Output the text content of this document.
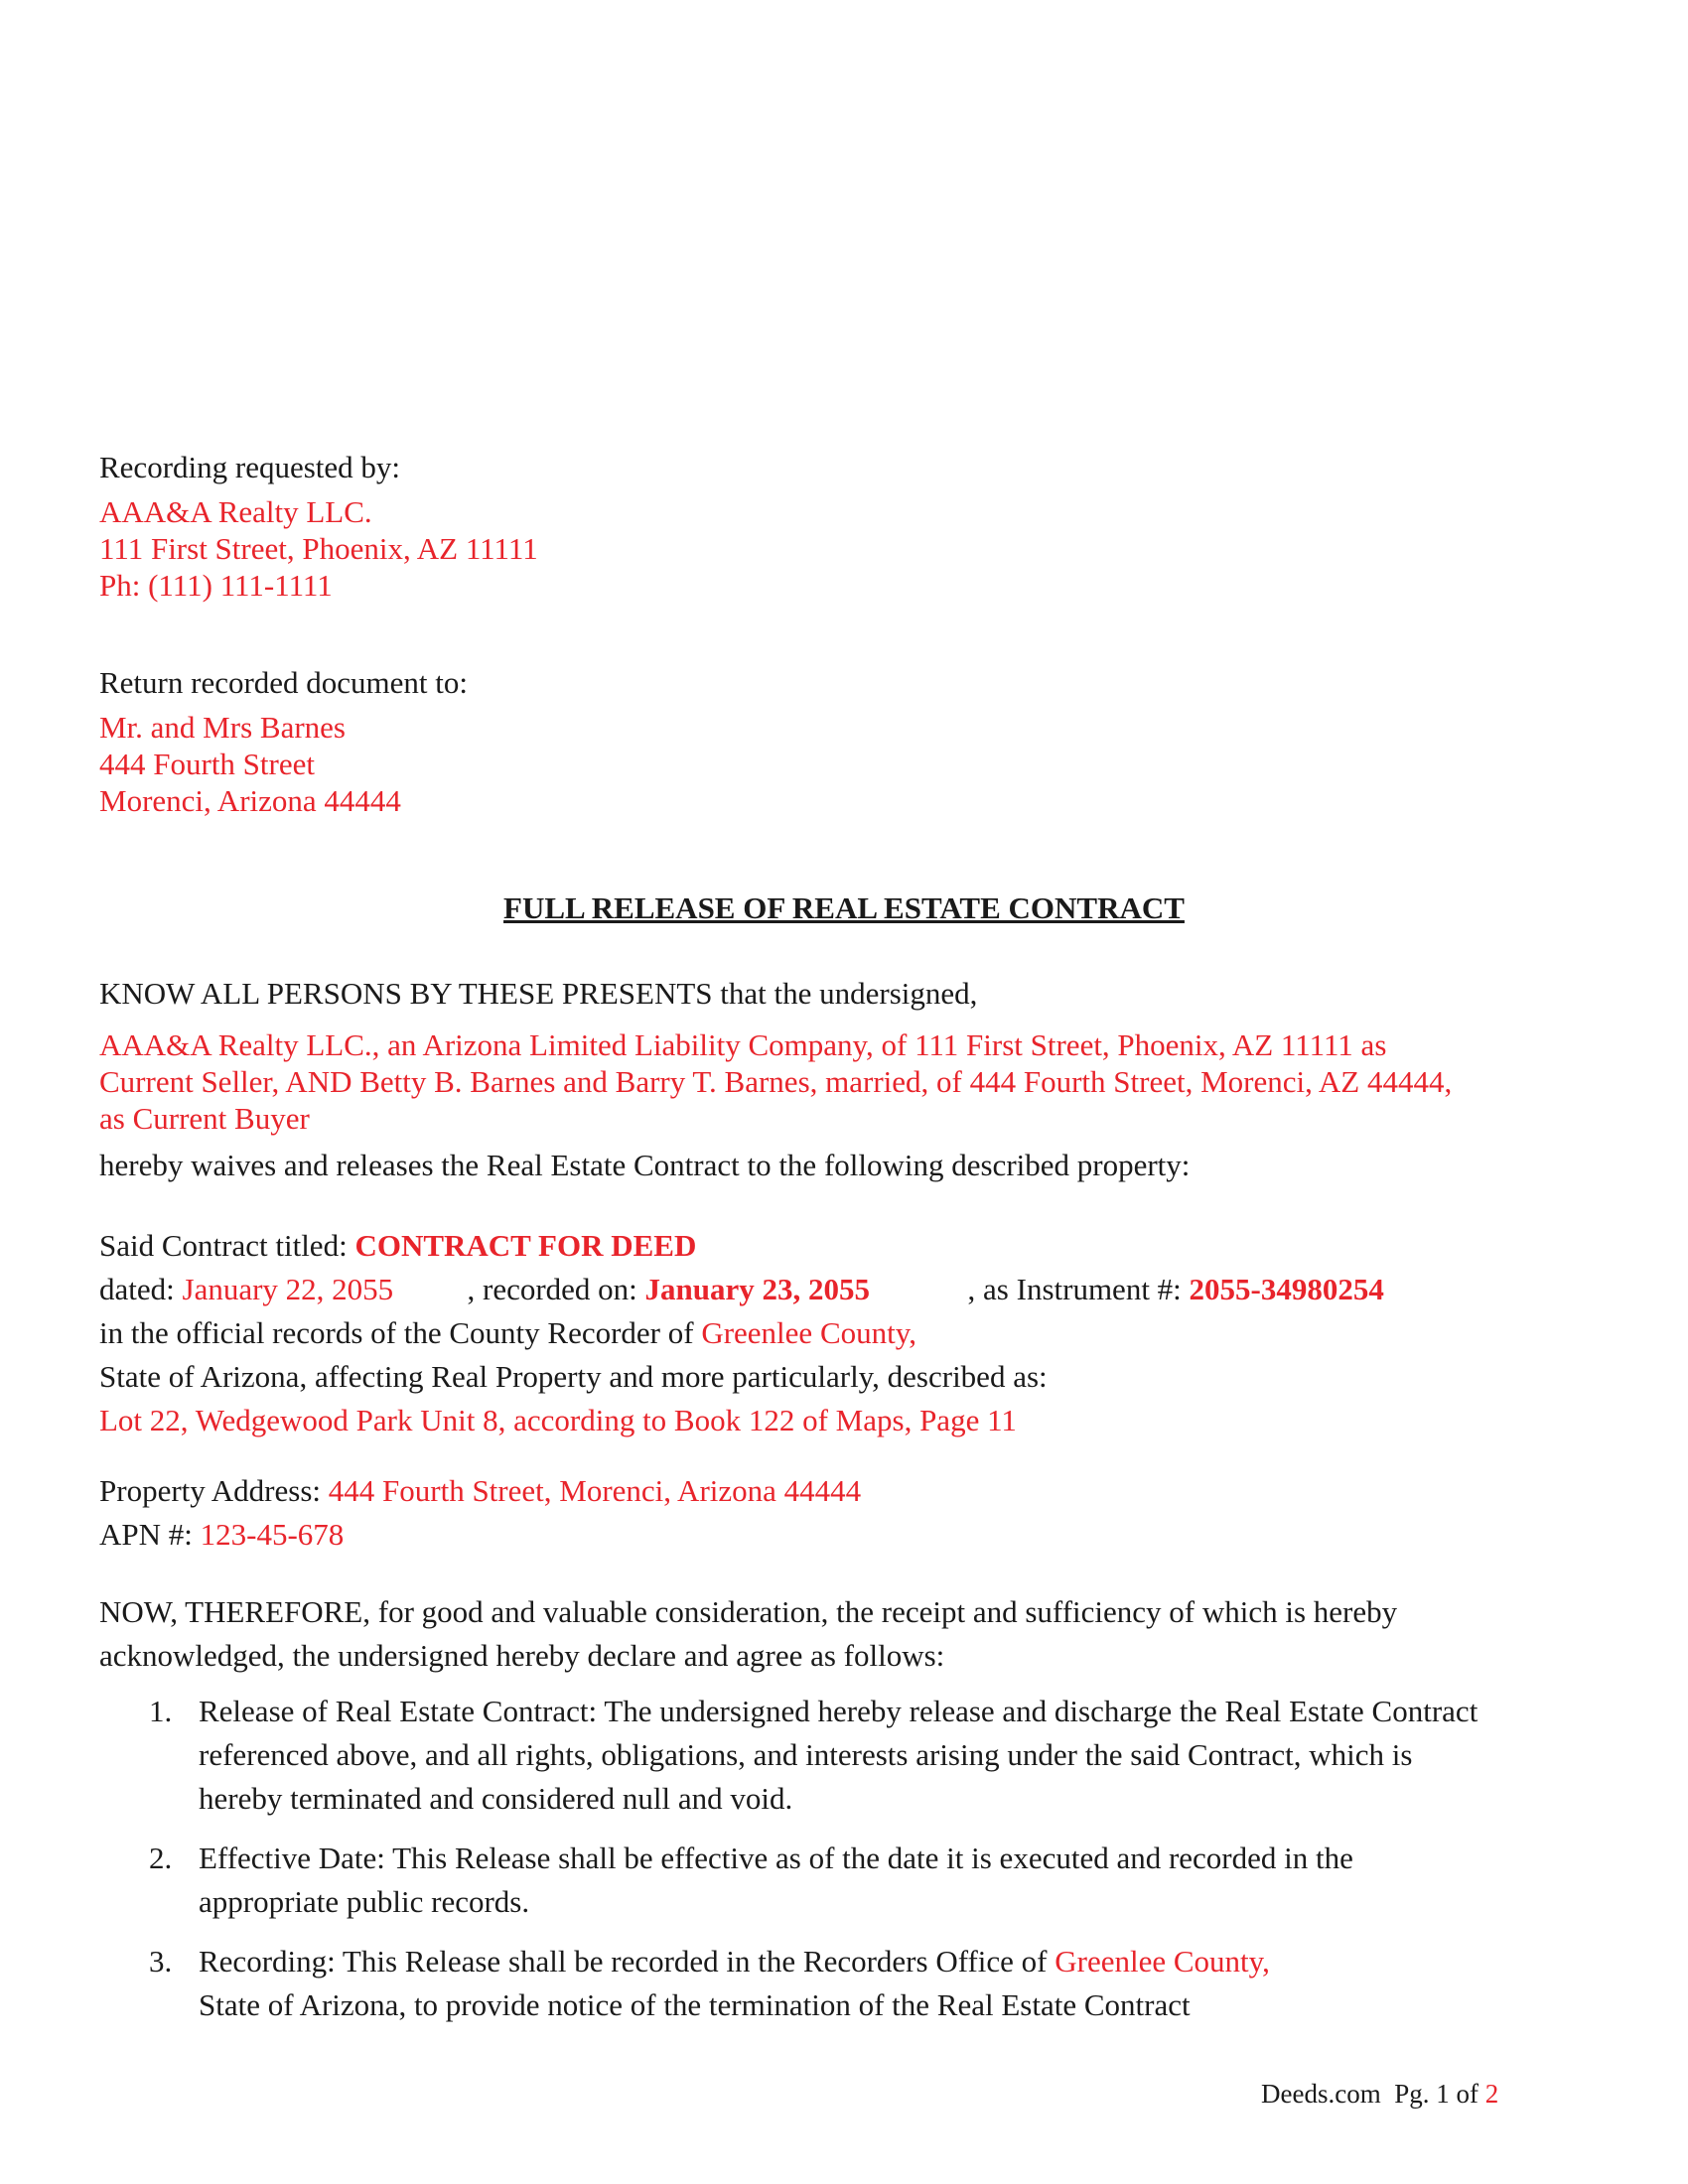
Recording requested by:
AAA&A Realty LLC.
111 First Street, Phoenix, AZ 11111
Ph: (111) 111-1111
Return recorded document to:
Mr. and Mrs Barnes
444 Fourth Street
Morenci, Arizona 44444
FULL RELEASE OF REAL ESTATE CONTRACT
KNOW ALL PERSONS BY THESE PRESENTS that the undersigned,
AAA&A Realty LLC., an Arizona Limited Liability Company, of 111 First Street, Phoenix, AZ 11111 as
Current Seller, AND Betty B. Barnes and Barry T. Barnes, married, of 444 Fourth Street, Morenci, AZ 44444,
as Current Buyer
hereby waives and releases the Real Estate Contract to the following described property:
Said Contract titled: CONTRACT FOR DEED
dated: January 22, 2055 , recorded on: January 23, 2055	, as Instrument #: 2055-34980254
in the official records of the County Recorder of Greenlee County,
State of Arizona, affecting Real Property and more particularly, described as:
Lot 22, Wedgewood Park Unit 8, according to Book 122 of Maps, Page 11
Property Address: 444 Fourth Street, Morenci, Arizona 44444
APN #: 123-45-678
NOW, THEREFORE, for good and valuable consideration, the receipt and sufficiency of which is hereby
acknowledged, the undersigned hereby declare and agree as follows:
1. Release of Real Estate Contract: The undersigned hereby release and discharge the Real Estate Contract
referenced above, and all rights, obligations, and interests arising under the said Contract, which is
hereby terminated and considered null and void.
2. Effective Date: This Release shall be effective as of the date it is executed and recorded in the
appropriate public records.
3. Recording: This Release shall be recorded in the Recorders Office of Greenlee County,
State of Arizona, to provide notice of the termination of the Real Estate Contract
Deeds.com Pg. 1 of 2
